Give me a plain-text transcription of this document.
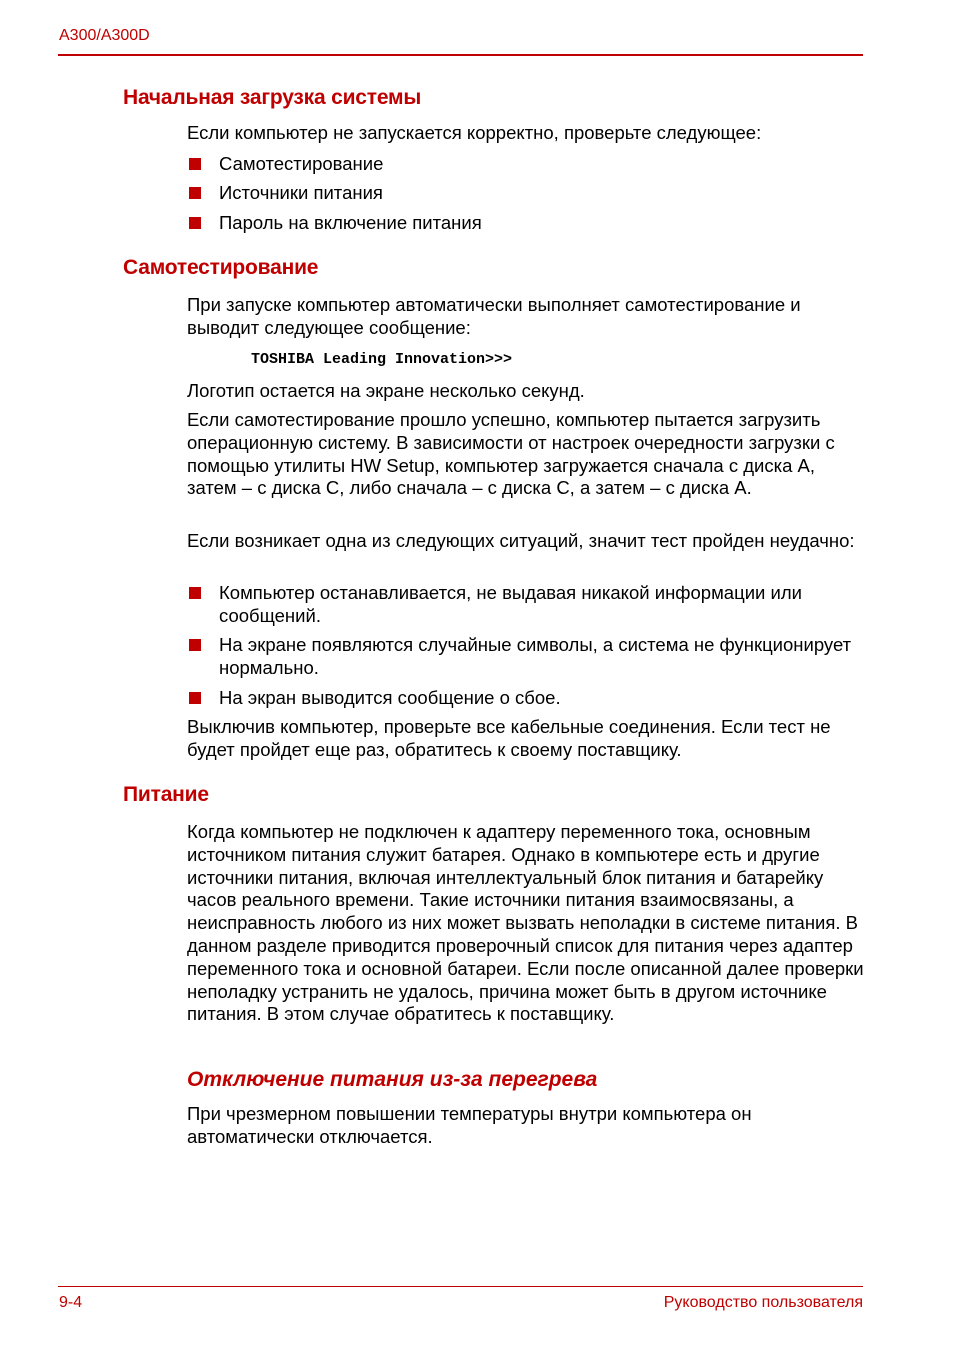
A300/A300D
Начальная загрузка системы
Если компьютер не запускается корректно, проверьте следующее:
Самотестирование
Источники питания
Пароль на включение питания
Самотестирование
При запуске компьютер автоматически выполняет самотестирование и выводит следующее сообщение:
TOSHIBA Leading Innovation>>>
Логотип остается на экране несколько секунд.
Если самотестирование прошло успешно, компьютер пытается загрузить операционную систему. В зависимости от настроек очередности загрузки с помощью утилиты HW Setup, компьютер загружается сначала с диска A, затем – с диска C, либо сначала – с диска C, а затем – с диска A.
Если возникает одна из следующих ситуаций, значит тест пройден неудачно:
Компьютер останавливается, не выдавая никакой информации или сообщений.
На экране появляются случайные символы, а система не функционирует нормально.
На экран выводится сообщение о сбое.
Выключив компьютер, проверьте все кабельные соединения. Если тест не будет пройдет еще раз, обратитесь к своему поставщику.
Питание
Когда компьютер не подключен к адаптеру переменного тока, основным источником питания служит батарея. Однако в компьютере есть и другие источники питания, включая интеллектуальный блок питания и батарейку часов реального времени. Такие источники питания взаимосвязаны, а неисправность любого из них может вызвать неполадки в системе питания. В данном разделе приводится проверочный список для питания через адаптер переменного тока и основной батареи. Если после описанной далее проверки неполадку устранить не удалось, причина может быть в другом источнике питания. В этом случае обратитесь к поставщику.
Отключение питания из-за перегрева
При чрезмерном повышении температуры внутри компьютера он автоматически отключается.
9-4	Руководство пользователя
